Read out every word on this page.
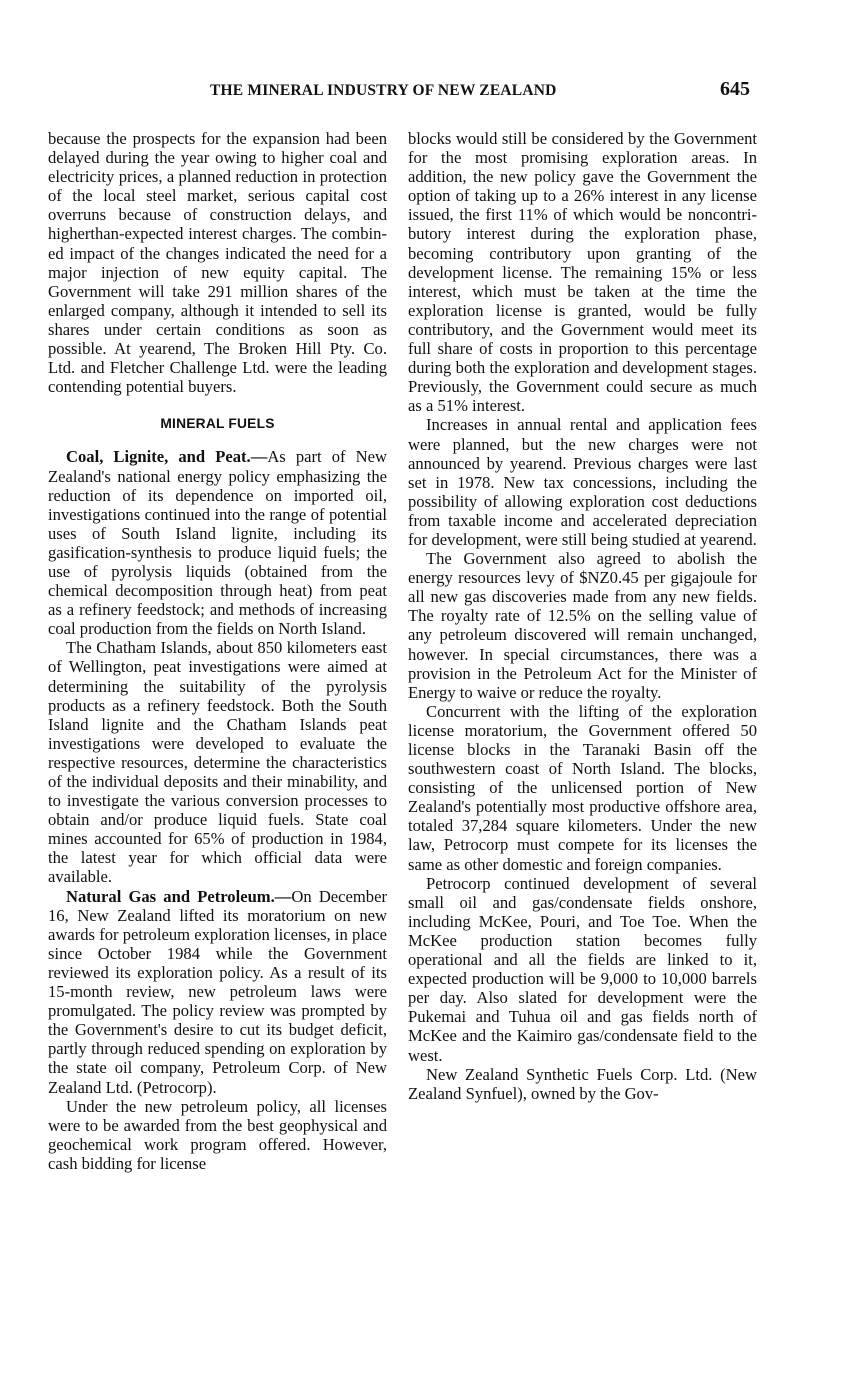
THE MINERAL INDUSTRY OF NEW ZEALAND	645

because the prospects for the expansion had been delayed during the year owing to higher coal and electricity prices, a planned reduction in protection of the local steel market, serious capital cost overruns because of construction delays, and higherthan-expected interest charges. The combined impact of the changes indicated the need for a major injection of new equity capital. The Government will take 291 million shares of the enlarged company, although it intended to sell its shares under certain conditions as soon as possible. At yearend, The Broken Hill Pty. Co. Ltd. and Fletcher Challenge Ltd. were the leading contending potential buyers.

MINERAL FUELS

Coal, Lignite, and Peat.—As part of New Zealand's national energy policy emphasizing the reduction of its dependence on imported oil, investigations continued into the range of potential uses of South Island lignite, including its gasification-synthesis to produce liquid fuels; the use of pyrolysis liquids (obtained from the chemical decomposition through heat) from peat as a refinery feedstock; and methods of increasing coal production from the fields on North Island.

The Chatham Islands, about 850 kilometers east of Wellington, peat investigations were aimed at determining the suitability of the pyrolysis products as a refinery feedstock. Both the South Island lignite and the Chatham Islands peat investigations were developed to evaluate the respective resources, determine the characteristics of the individual deposits and their minability, and to investigate the various conversion processes to obtain and/or produce liquid fuels. State coal mines accounted for 65% of production in 1984, the latest year for which official data were available.

Natural Gas and Petroleum.—On December 16, New Zealand lifted its moratorium on new awards for petroleum exploration licenses, in place since October 1984 while the Government reviewed its exploration policy. As a result of its 15-month review, new petroleum laws were promulgated. The policy review was prompted by the Government's desire to cut its budget deficit, partly through reduced spending on exploration by the state oil company, Petroleum Corp. of New Zealand Ltd. (Petrocorp).

Under the new petroleum policy, all licenses were to be awarded from the best geophysical and geochemical work program offered. However, cash bidding for license

blocks would still be considered by the Government for the most promising exploration areas. In addition, the new policy gave the Government the option of taking up to a 26% interest in any license issued, the first 11% of which would be noncontributory interest during the exploration phase, becoming contributory upon granting of the development license. The remaining 15% or less interest, which must be taken at the time the exploration license is granted, would be fully contributory, and the Government would meet its full share of costs in proportion to this percentage during both the exploration and development stages. Previously, the Government could secure as much as a 51% interest.

Increases in annual rental and application fees were planned, but the new charges were not announced by yearend. Previous charges were last set in 1978. New tax concessions, including the possibility of allowing exploration cost deductions from taxable income and accelerated depreciation for development, were still being studied at yearend.

The Government also agreed to abolish the energy resources levy of $NZ0.45 per gigajoule for all new gas discoveries made from any new fields. The royalty rate of 12.5% on the selling value of any petroleum discovered will remain unchanged, however. In special circumstances, there was a provision in the Petroleum Act for the Minister of Energy to waive or reduce the royalty.

Concurrent with the lifting of the exploration license moratorium, the Government offered 50 license blocks in the Taranaki Basin off the southwestern coast of North Island. The blocks, consisting of the unlicensed portion of New Zealand's potentially most productive offshore area, totaled 37,284 square kilometers. Under the new law, Petrocorp must compete for its licenses the same as other domestic and foreign companies.

Petrocorp continued development of several small oil and gas/condensate fields onshore, including McKee, Pouri, and Toe Toe. When the McKee production station becomes fully operational and all the fields are linked to it, expected production will be 9,000 to 10,000 barrels per day. Also slated for development were the Pukemai and Tuhua oil and gas fields north of McKee and the Kaimiro gas/condensate field to the west.

New Zealand Synthetic Fuels Corp. Ltd. (New Zealand Synfuel), owned by the Gov-
